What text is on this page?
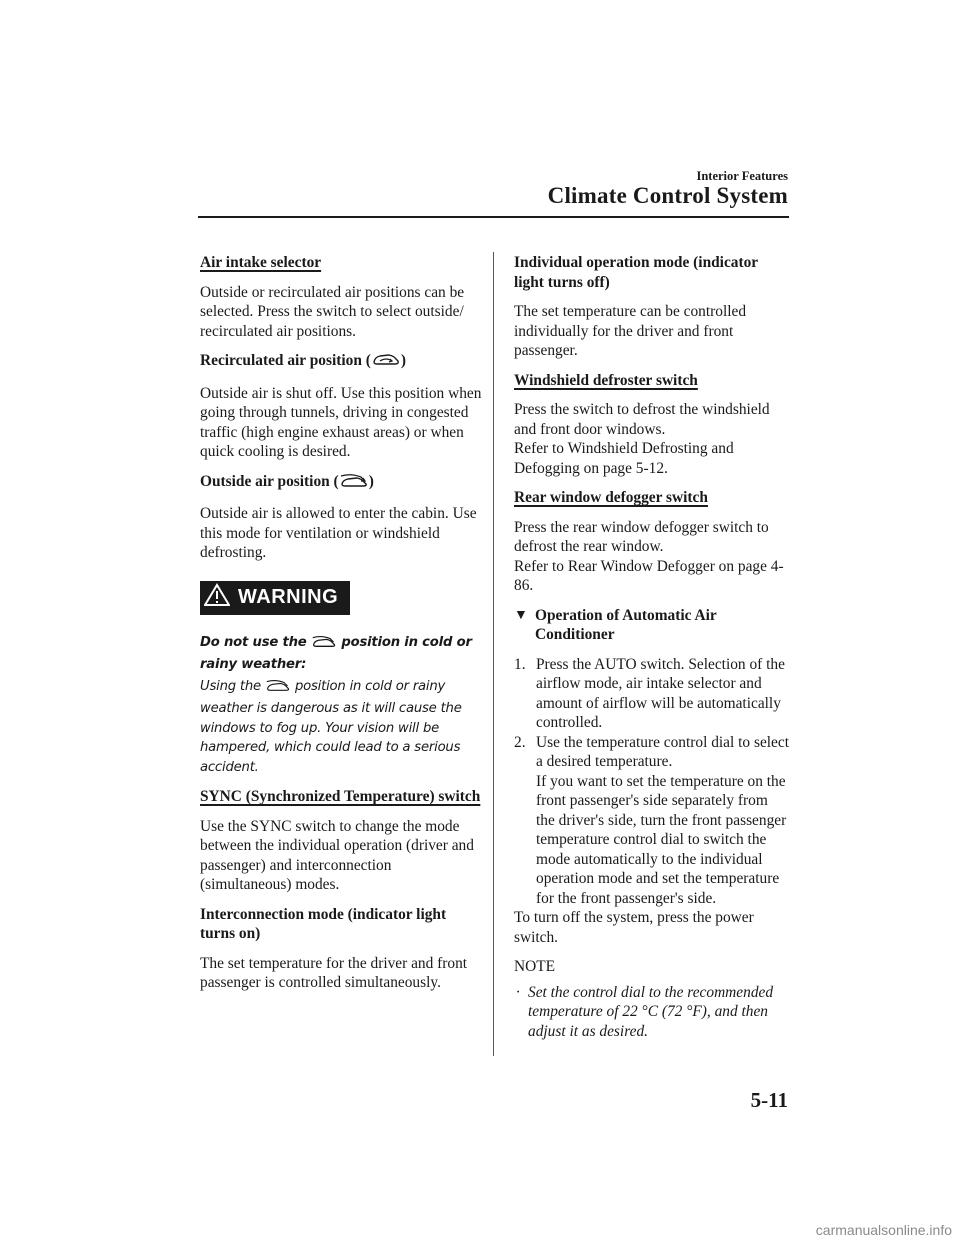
Interior Features
Climate Control System
Air intake selector

Outside or recirculated air positions can be selected. Press the switch to select outside/ recirculated air positions.

Recirculated air position ( )

Outside air is shut off. Use this position when going through tunnels, driving in congested traffic (high engine exhaust areas) or when quick cooling is desired.

Outside air position ( )

Outside air is allowed to enter the cabin. Use this mode for ventilation or windshield defrosting.

WARNING
Do not use the  position in cold or rainy weather:
Using the  position in cold or rainy weather is dangerous as it will cause the windows to fog up. Your vision will be hampered, which could lead to a serious accident.
SYNC (Synchronized Temperature) switch

Use the SYNC switch to change the mode between the individual operation (driver and passenger) and interconnection (simultaneous) modes.

Interconnection mode (indicator light turns on)

The set temperature for the driver and front passenger is controlled simultaneously.

Individual operation mode (indicator light turns off)

The set temperature can be controlled individually for the driver and front passenger.

Windshield defroster switch

Press the switch to defrost the windshield and front door windows.
Refer to Windshield Defrosting and Defogging on page 5-12.

Rear window defogger switch

Press the rear window defogger switch to defrost the rear window.
Refer to Rear Window Defogger on page 4-86.

▼ Operation of Automatic Air Conditioner
1. Press the AUTO switch. Selection of the airflow mode, air intake selector and amount of airflow will be automatically controlled.
2. Use the temperature control dial to select a desired temperature.
If you want to set the temperature on the front passenger's side separately from the driver's side, turn the front passenger temperature control dial to switch the mode automatically to the individual operation mode and set the temperature for the front passenger's side.

To turn off the system, press the power switch.

NOTE
· Set the control dial to the recommended temperature of 22 °C (72 °F), and then adjust it as desired.
5-11
carmanualsonline.info
